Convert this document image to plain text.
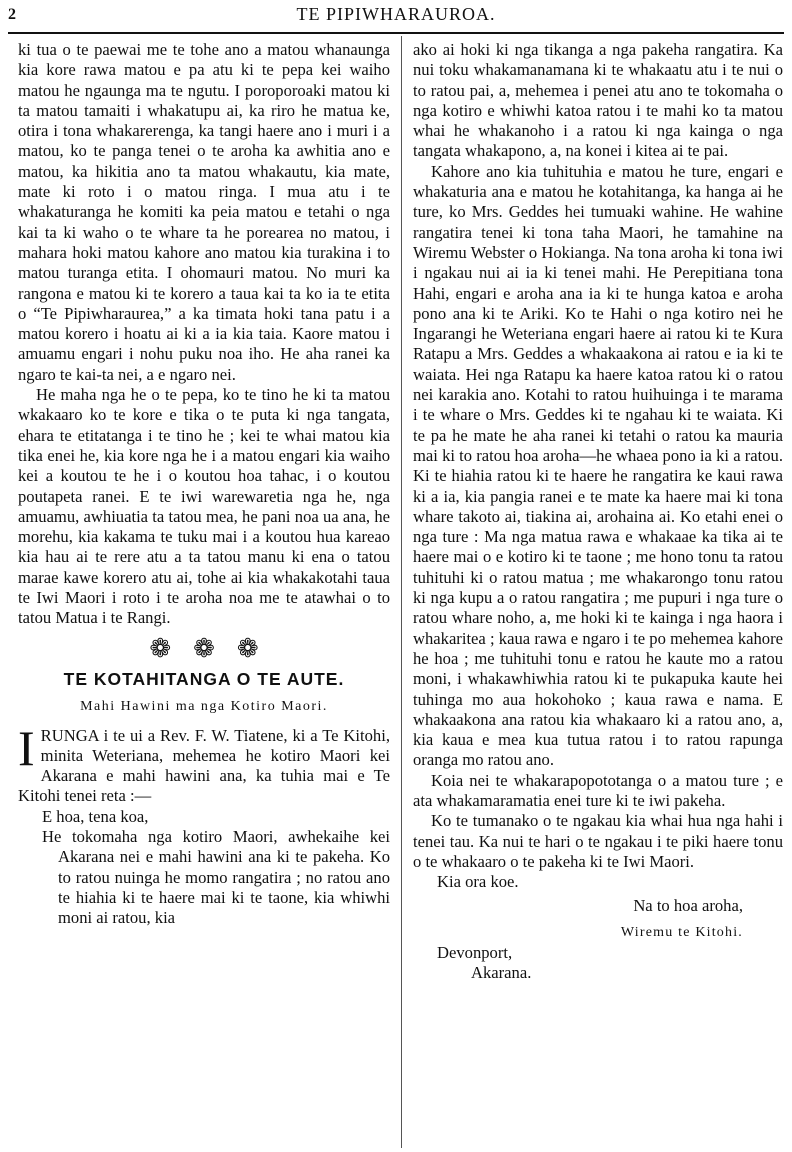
2	TE PIPIWHARAUROA.

ki tua o te paewai me te tohe ano a matou whanaunga kia kore rawa matou e pa atu ki te pepa kei waiho matou he ngaunga ma te ngutu. I poroporoaki matou ki ta matou tamaiti i whakatupu ai, ka riro he matua ke, otira i tona whakarerenga, ka tangi haere ano i muri i a matou, ko te panga tenei o te aroha ka awhitia ano e matou, ka hikitia ano ta matou whakautu, kia mate, mate ki roto i o matou ringa. I mua atu i te whakaturanga he komiti ka peia matou e tetahi o nga kai ta ki waho o te whare ta he porearea no matou, i mahara hoki matou kahore ano matou kia turakina i to matou turanga etita. I ohomauri matou. No muri ka rangona e matou ki te korero a taua kai ta ko ia te etita o “Te Pipiwharaurea,” a ka timata hoki tana patu i a matou korero i hoatu ai ki a ia kia taia. Kaore matou i amuamu engari i nohu puku noa iho. He aha ranei ka ngaro te kai-ta nei, a e ngaro nei.

He maha nga he o te pepa, ko te tino he ki ta matou wkakaaro ko te kore e tika o te puta ki nga tangata, ehara te etitatanga i te tino he ; kei te whai matou kia tika enei he, kia kore nga he i a matou engari kia waiho kei a koutou te he i o koutou hoa tahac, i o koutou poutapeta ranei. E te iwi warewaretia nga he, nga amuamu, awhiuatia ta tatou mea, he pani noa ua ana, he morehu, kia kakama te tuku mai i a koutou hua kareao kia hau ai te rere atu a ta tatou manu ki ena o tatou marae kawe korero atu ai, tohe ai kia whakakotahi taua te Iwi Maori i roto i te aroha noa me te atawhai o to tatou Matua i te Rangi.

❁❁❁
TE KOTAHITANGA O TE AUTE.
Mahi Hawini ma nga Kotiro Maori.

IRUNGA i te ui a Rev. F. W. Tiatene, ki a Te Kitohi, minita Weteriana, mehemea he kotiro Maori kei Akarana e mahi hawini ana, ka tuhia mai e Te Kitohi tenei reta :—

E hoa, tena koa,

He tokomaha nga kotiro Maori, awhekaihe kei Akarana nei e mahi hawini ana ki te pakeha. Ko to ratou nuinga he momo rangatira ; no ratou ano te hiahia ki te haere mai ki te taone, kia whiwhi moni ai ratou, kia

ako ai hoki ki nga tikanga a nga pakeha rangatira. Ka nui toku whakamanamana ki te whakaatu atu i te nui o to ratou pai, a, mehemea i penei atu ano te tokomaha o nga kotiro e whiwhi katoa ratou i te mahi ko ta matou whai he whakanoho i a ratou ki nga kainga o nga tangata whakapono, a, na konei i kitea ai te pai.

Kahore ano kia tuhituhia e matou he ture, engari e whakaturia ana e matou he kotahitanga, ka hanga ai he ture, ko Mrs. Geddes hei tumuaki wahine. He wahine rangatira tenei ki tona taha Maori, he tamahine na Wiremu Webster o Hokianga. Na tona aroha ki tona iwi i ngakau nui ai ia ki tenei mahi. He Perepitiana tona Hahi, engari e aroha ana ia ki te hunga katoa e aroha pono ana ki te Ariki. Ko te Hahi o nga kotiro nei he Ingarangi he Weteriana engari haere ai ratou ki te Kura Ratapu a Mrs. Geddes a whakaakona ai ratou e ia ki te waiata. Hei nga Ratapu ka haere katoa ratou ki o ratou nei karakia ano. Kotahi to ratou huihuinga i te marama i te whare o Mrs. Geddes ki te ngahau ki te waiata. Ki te pa he mate he aha ranei ki tetahi o ratou ka mauria mai ki to ratou hoa aroha—he whaea pono ia ki a ratou. Ki te hiahia ratou ki te haere he rangatira ke kaui rawa ki a ia, kia pangia ranei e te mate ka haere mai ki tona whare takoto ai, tiakina ai, arohaina ai. Ko etahi enei o nga ture : Ma nga matua rawa e whakaae ka tika ai te haere mai o e kotiro ki te taone ; me hono tonu ta ratou tuhituhi ki o ratou matua ; me whakarongo tonu ratou ki nga kupu a o ratou rangatira ; me pupuri i nga ture o ratou whare noho, a, me hoki ki te kainga i nga haora i whakaritea ; kaua rawa e ngaro i te po mehemea kahore he hoa ; me tuhituhi tonu e ratou he kaute mo a ratou moni, i whakawhiwhia ratou ki te pukapuka kaute hei tuhinga mo aua hokohoko ; kaua rawa e nama. E whakaakona ana ratou kia whakaaro ki a ratou ano, a, kia kaua e mea kua tutua ratou i to ratou rapunga oranga mo ratou ano.

Koia nei te whakarapopototanga o a matou ture ; e ata whakamaramatia enei ture ki te iwi pakeha.

Ko te tumanako o te ngakau kia whai hua nga hahi i tenei tau. Ka nui te hari o te ngakau i te piki haere tonu o te whakaaro o te pakeha ki te Iwi Maori.

Kia ora koe.

Na to hoa aroha,

Wiremu te Kitohi.

Devonport,

Akarana.
